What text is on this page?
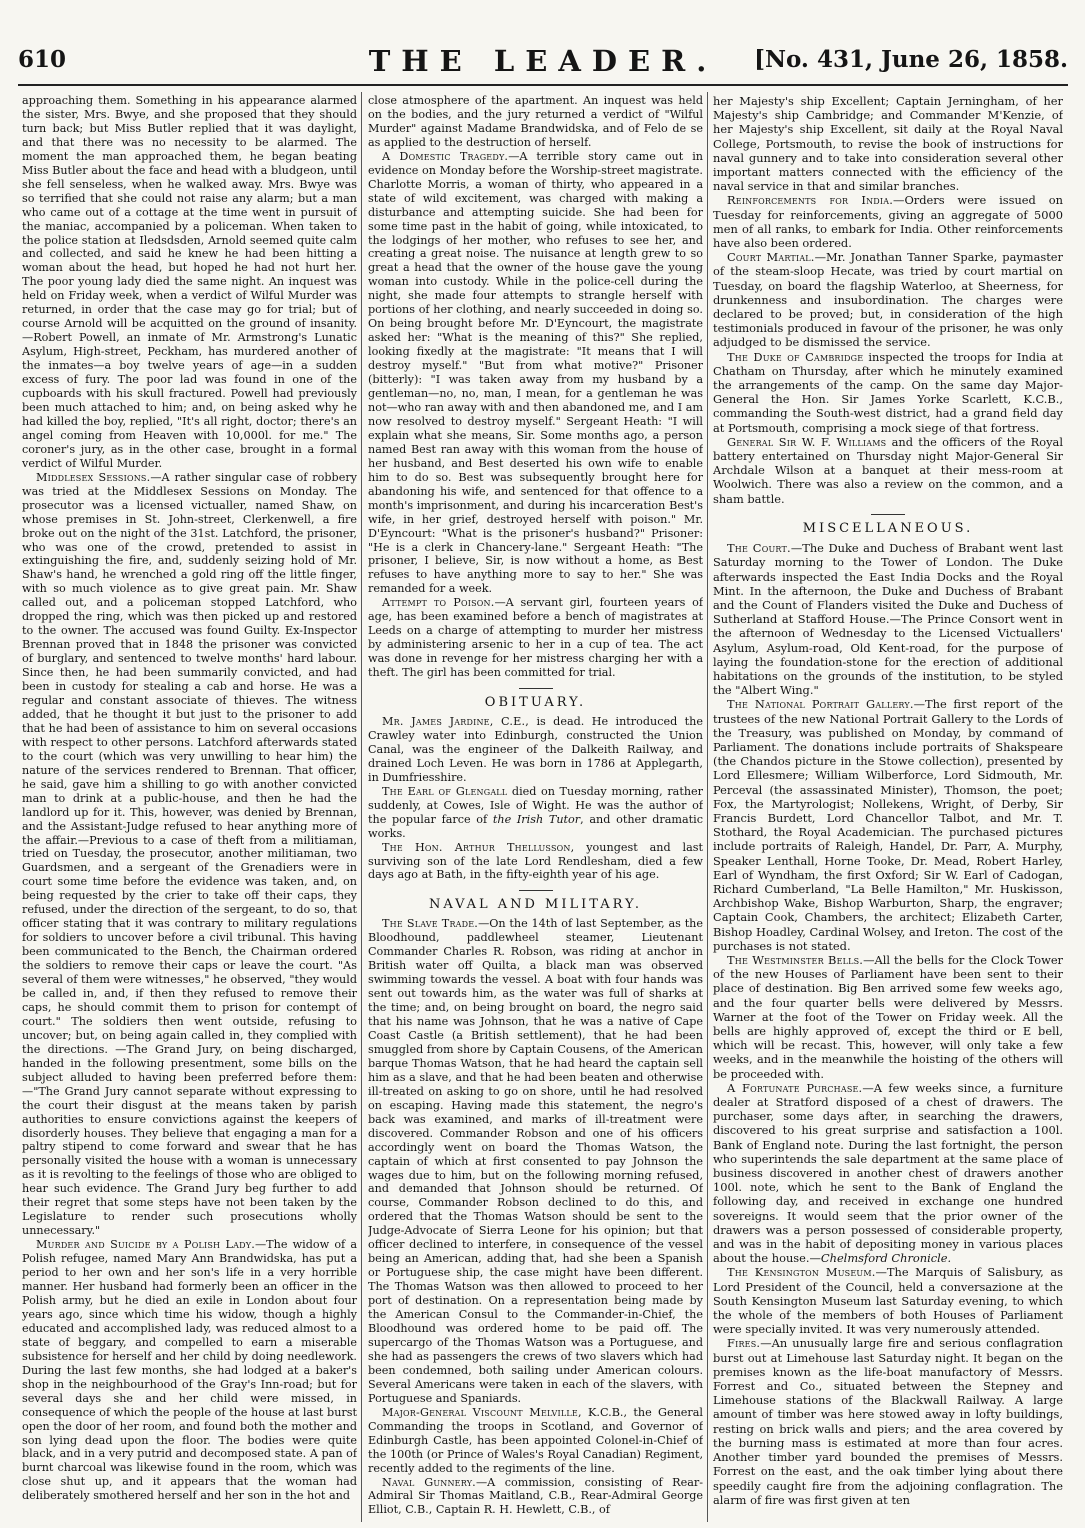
610	THE LEADER.	[No. 431, June 26, 1858.

approaching them. Something in his appearance alarmed the sister, Mrs. Bwye, and she proposed that they should turn back; but Miss Butler replied that it was daylight, and that there was no necessity to be alarmed. The moment the man approached them, he began beating Miss Butler about the face and head with a bludgeon, until she fell senseless, when he walked away. Mrs. Bwye was so terrified that she could not raise any alarm; but a man who came out of a cottage at the time went in pursuit of the maniac, accompanied by a policeman. When taken to the police station at Iledsdsden, Arnold seemed quite calm and collected, and said he knew he had been hitting a woman about the head, but hoped he had not hurt her. The poor young lady died the same night. An inquest was held on Friday week, when a verdict of Wilful Murder was returned, in order that the case may go for trial; but of course Arnold will be acquitted on the ground of insanity.—Robert Powell, an inmate of Mr. Armstrong's Lunatic Asylum, High-street, Peckham, has murdered another of the inmates—a boy twelve years of age—in a sudden excess of fury. The poor lad was found in one of the cupboards with his skull fractured. Powell had previously been much attached to him; and, on being asked why he had killed the boy, replied, "It's all right, doctor; there's an angel coming from Heaven with 10,000l. for me." The coroner's jury, as in the other case, brought in a formal verdict of Wilful Murder.

Middlesex Sessions.—A rather singular case of robbery was tried at the Middlesex Sessions on Monday. The prosecutor was a licensed victualler, named Shaw, on whose premises in St. John-street, Clerkenwell, a fire broke out on the night of the 31st. Latchford, the prisoner, who was one of the crowd, pretended to assist in extinguishing the fire, and, suddenly seizing hold of Mr. Shaw's hand, he wrenched a gold ring off the little finger, with so much violence as to give great pain. Mr. Shaw called out, and a policeman stopped Latchford, who dropped the ring, which was then picked up and restored to the owner. The accused was found Guilty. Ex-Inspector Brennan proved that in 1848 the prisoner was convicted of burglary, and sentenced to twelve months' hard labour. Since then, he had been summarily convicted, and had been in custody for stealing a cab and horse. He was a regular and constant associate of thieves. The witness added, that he thought it but just to the prisoner to add that he had been of assistance to him on several occasions with respect to other persons. Latchford afterwards stated to the court (which was very unwilling to hear him) the nature of the services rendered to Brennan. That officer, he said, gave him a shilling to go with another convicted man to drink at a public-house, and then he had the landlord up for it. This, however, was denied by Brennan, and the Assistant-Judge refused to hear anything more of the affair.—Previous to a case of theft from a militiaman, tried on Tuesday, the prosecutor, another militiaman, two Guardsmen, and a sergeant of the Grenadiers were in court some time before the evidence was taken, and, on being requested by the crier to take off their caps, they refused, under the direction of the sergeant, to do so, that officer stating that it was contrary to military regulations for soldiers to uncover before a civil tribunal. This having been communicated to the Bench, the Chairman ordered the soldiers to remove their caps or leave the court. "As several of them were witnesses," he observed, "they would be called in, and, if then they refused to remove their caps, he should commit them to prison for contempt of court." The soldiers then went outside, refusing to uncover; but, on being again called in, they complied with the directions. —The Grand Jury, on being discharged, handed in the following presentment, some bills on the subject alluded to having been preferred before them:—"The Grand Jury cannot separate without expressing to the court their disgust at the means taken by parish authorities to ensure convictions against the keepers of disorderly houses. They believe that engaging a man for a paltry stipend to come forward and swear that he has personally visited the house with a woman is unnecessary as it is revolting to the feelings of those who are obliged to hear such evidence. The Grand Jury beg further to add their regret that some steps have not been taken by the Legislature to render such prosecutions wholly unnecessary."

Murder and Suicide by a Polish Lady.—The widow of a Polish refugee, named Mary Ann Brandwidska, has put a period to her own and her son's life in a very horrible manner. Her husband had formerly been an officer in the Polish army, but he died an exile in London about four years ago, since which time his widow, though a highly educated and accomplished lady, was reduced almost to a state of beggary, and compelled to earn a miserable subsistence for herself and her child by doing needlework. During the last few months, she had lodged at a baker's shop in the neighbourhood of the Gray's Inn-road; but for several days she and her child were missed, in consequence of which the people of the house at last burst open the door of her room, and found both the mother and son lying dead upon the floor. The bodies were quite black, and in a very putrid and decomposed state. A pan of burnt charcoal was likewise found in the room, which was close shut up, and it appears that the woman had deliberately smothered herself and her son in the hot and

close atmosphere of the apartment. An inquest was held on the bodies, and the jury returned a verdict of "Wilful Murder" against Madame Brandwidska, and of Felo de se as applied to the destruction of herself.

A Domestic Tragedy.—A terrible story came out in evidence on Monday before the Worship-street magistrate. Charlotte Morris, a woman of thirty, who appeared in a state of wild excitement, was charged with making a disturbance and attempting suicide. She had been for some time past in the habit of going, while intoxicated, to the lodgings of her mother, who refuses to see her, and creating a great noise. The nuisance at length grew to so great a head that the owner of the house gave the young woman into custody. While in the police-cell during the night, she made four attempts to strangle herself with portions of her clothing, and nearly succeeded in doing so. On being brought before Mr. D'Eyncourt, the magistrate asked her: "What is the meaning of this?" She replied, looking fixedly at the magistrate: "It means that I will destroy myself." "But from what motive?" Prisoner (bitterly): "I was taken away from my husband by a gentleman—no, no, man, I mean, for a gentleman he was not—who ran away with and then abandoned me, and I am now resolved to destroy myself." Sergeant Heath: "I will explain what she means, Sir. Some months ago, a person named Best ran away with this woman from the house of her husband, and Best deserted his own wife to enable him to do so. Best was subsequently brought here for abandoning his wife, and sentenced for that offence to a month's imprisonment, and during his incarceration Best's wife, in her grief, destroyed herself with poison." Mr. D'Eyncourt: "What is the prisoner's husband?" Prisoner: "He is a clerk in Chancery-lane." Sergeant Heath: "The prisoner, I believe, Sir, is now without a home, as Best refuses to have anything more to say to her." She was remanded for a week.

Attempt to Poison.—A servant girl, fourteen years of age, has been examined before a bench of magistrates at Leeds on a charge of attempting to murder her mistress by administering arsenic to her in a cup of tea. The act was done in revenge for her mistress charging her with a theft. The girl has been committed for trial.

OBITUARY.

Mr. James Jardine, C.E., is dead. He introduced the Crawley water into Edinburgh, constructed the Union Canal, was the engineer of the Dalkeith Railway, and drained Loch Leven. He was born in 1786 at Applegarth, in Dumfriesshire.

The Earl of Glengall died on Tuesday morning, rather suddenly, at Cowes, Isle of Wight. He was the author of the popular farce of the Irish Tutor, and other dramatic works.

The Hon. Arthur Thellusson, youngest and last surviving son of the late Lord Rendlesham, died a few days ago at Bath, in the fifty-eighth year of his age.

NAVAL AND MILITARY.

The Slave Trade.—On the 14th of last September, as the Bloodhound, paddlewheel steamer, Lieutenant Commander Charles R. Robson, was riding at anchor in British water off Quilta, a black man was observed swimming towards the vessel. A boat with four hands was sent out towards him, as the water was full of sharks at the time; and, on being brought on board, the negro said that his name was Johnson, that he was a native of Cape Coast Castle (a British settlement), that he had been smuggled from shore by Captain Cousens, of the American barque Thomas Watson, that he had heard the captain sell him as a slave, and that he had been beaten and otherwise ill-treated on asking to go on shore, until he had resolved on escaping. Having made this statement, the negro's back was examined, and marks of ill-treatment were discovered. Commander Robson and one of his officers accordingly went on board the Thomas Watson, the captain of which at first consented to pay Johnson the wages due to him, but on the following morning refused, and demanded that Johnson should be returned. Of course, Commander Robson declined to do this, and ordered that the Thomas Watson should be sent to the Judge-Advocate of Sierra Leone for his opinion; but that officer declined to interfere, in consequence of the vessel being an American, adding that, had she been a Spanish or Portuguese ship, the case might have been different. The Thomas Watson was then allowed to proceed to her port of destination. On a representation being made by the American Consul to the Commander-in-Chief, the Bloodhound was ordered home to be paid off. The supercargo of the Thomas Watson was a Portuguese, and she had as passengers the crews of two slavers which had been condemned, both sailing under American colours. Several Americans were taken in each of the slavers, with Portuguese and Spaniards.

Major-General Viscount Melville, K.C.B., the General Commanding the troops in Scotland, and Governor of Edinburgh Castle, has been appointed Colonel-in-Chief of the 100th (or Prince of Wales's Royal Canadian) Regiment, recently added to the regiments of the line.

Naval Gunnery.—A commission, consisting of Rear-Admiral Sir Thomas Maitland, C.B., Rear-Admiral George Elliot, C.B., Captain R. H. Hewlett, C.B., of

her Majesty's ship Excellent; Captain Jerningham, of her Majesty's ship Cambridge; and Commander M'Kenzie, of her Majesty's ship Excellent, sit daily at the Royal Naval College, Portsmouth, to revise the book of instructions for naval gunnery and to take into consideration several other important matters connected with the efficiency of the naval service in that and similar branches.

Reinforcements for India.—Orders were issued on Tuesday for reinforcements, giving an aggregate of 5000 men of all ranks, to embark for India. Other reinforcements have also been ordered.

Court Martial.—Mr. Jonathan Tanner Sparke, paymaster of the steam-sloop Hecate, was tried by court martial on Tuesday, on board the flagship Waterloo, at Sheerness, for drunkenness and insubordination. The charges were declared to be proved; but, in consideration of the high testimonials produced in favour of the prisoner, he was only adjudged to be dismissed the service.

The Duke of Cambridge inspected the troops for India at Chatham on Thursday, after which he minutely examined the arrangements of the camp. On the same day Major-General the Hon. Sir James Yorke Scarlett, K.C.B., commanding the South-west district, had a grand field day at Portsmouth, comprising a mock siege of that fortress.

General Sir W. F. Williams and the officers of the Royal battery entertained on Thursday night Major-General Sir Archdale Wilson at a banquet at their mess-room at Woolwich. There was also a review on the common, and a sham battle.

MISCELLANEOUS.

The Court.—The Duke and Duchess of Brabant went last Saturday morning to the Tower of London. The Duke afterwards inspected the East India Docks and the Royal Mint. In the afternoon, the Duke and Duchess of Brabant and the Count of Flanders visited the Duke and Duchess of Sutherland at Stafford House.—The Prince Consort went in the afternoon of Wednesday to the Licensed Victuallers' Asylum, Asylum-road, Old Kent-road, for the purpose of laying the foundation-stone for the erection of additional habitations on the grounds of the institution, to be styled the "Albert Wing."

The National Portrait Gallery.—The first report of the trustees of the new National Portrait Gallery to the Lords of the Treasury, was published on Monday, by command of Parliament. The donations include portraits of Shakspeare (the Chandos picture in the Stowe collection), presented by Lord Ellesmere; William Wilberforce, Lord Sidmouth, Mr. Perceval (the assassinated Minister), Thomson, the poet; Fox, the Martyrologist; Nollekens, Wright, of Derby, Sir Francis Burdett, Lord Chancellor Talbot, and Mr. T. Stothard, the Royal Academician. The purchased pictures include portraits of Raleigh, Handel, Dr. Parr, A. Murphy, Speaker Lenthall, Horne Tooke, Dr. Mead, Robert Harley, Earl of Wyndham, the first Oxford; Sir W. Earl of Cadogan, Richard Cumberland, "La Belle Hamilton," Mr. Huskisson, Archbishop Wake, Bishop Warburton, Sharp, the engraver; Captain Cook, Chambers, the architect; Elizabeth Carter, Bishop Hoadley, Cardinal Wolsey, and Ireton. The cost of the purchases is not stated.

The Westminster Bells.—All the bells for the Clock Tower of the new Houses of Parliament have been sent to their place of destination. Big Ben arrived some few weeks ago, and the four quarter bells were delivered by Messrs. Warner at the foot of the Tower on Friday week. All the bells are highly approved of, except the third or E bell, which will be recast. This, however, will only take a few weeks, and in the meanwhile the hoisting of the others will be proceeded with.

A Fortunate Purchase.—A few weeks since, a furniture dealer at Stratford disposed of a chest of drawers. The purchaser, some days after, in searching the drawers, discovered to his great surprise and satisfaction a 100l. Bank of England note. During the last fortnight, the person who superintends the sale department at the same place of business discovered in another chest of drawers another 100l. note, which he sent to the Bank of England the following day, and received in exchange one hundred sovereigns. It would seem that the prior owner of the drawers was a person possessed of considerable property, and was in the habit of depositing money in various places about the house.—Chelmsford Chronicle.

The Kensington Museum.—The Marquis of Salisbury, as Lord President of the Council, held a conversazione at the South Kensington Museum last Saturday evening, to which the whole of the members of both Houses of Parliament were specially invited. It was very numerously attended.

Fires.—An unusually large fire and serious conflagration burst out at Limehouse last Saturday night. It began on the premises known as the life-boat manufactory of Messrs. Forrest and Co., situated between the Stepney and Limehouse stations of the Blackwall Railway. A large amount of timber was here stowed away in lofty buildings, resting on brick walls and piers; and the area covered by the burning mass is estimated at more than four acres. Another timber yard bounded the premises of Messrs. Forrest on the east, and the oak timber lying about there speedily caught fire from the adjoining conflagration. The alarm of fire was first given at ten
